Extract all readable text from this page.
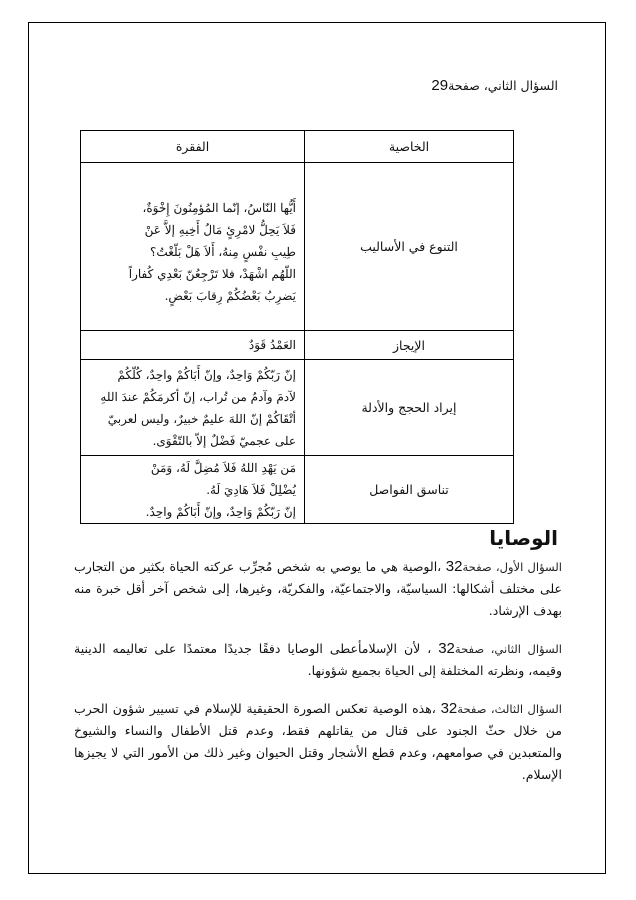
السؤال الثاني، صفحة29
الخاصية	الفقرة
التنوع في الأساليب	أَيُّها النّاسُ، إنّما المُؤمِنُونَ إِخْوَةٌ،
فَلاَ يَحِلُّ لامْرِئٍ مَالُ أَخِيهِ إلاَّ عَنْ
طِيبِ نفْسٍ مِنهُ، أَلاَ هَلْ بَلّغْتُ؟
اللّهُم اشْهَدْ، فلا تَرْجِعُنّ بَعْدِي كُفاراً
يَضرِبُ بَعْضُكُمْ رِقابَ بَعْضٍ.

الإيجاز	العَمْدُ قَوَدٌ

إيراد الحجج والأدلة	إنّ رَبّكُمْ وَاحِدٌ، وإنّ أَبَاكُمْ واحِدٌ، كُلّكُمْ
لآدمَ وآدمُ من تُراب، إنّ أكرمَكُمْ عندَ اللهِ
أتْقَاكُمْ إنّ اللهَ عليمٌ خبيرٌ، وليس لعربيّ
على عجميّ فَضْلٌ إلاّ بالتّقْوَى.

تناسق الفواصل	مَن يَهْدِ اللهُ فَلاَ مُضِلَّ لَهُ، وَمَنْ
يُضْلِلْ فَلاَ هَادِيَ لَهُ.
إنّ رَبّكُمْ وَاحِدٌ، وإنّ أَبَاكُمْ واحِدٌ.
الوصايا

السؤال الأول، صفحة32 ،الوصية هي ما يوصي به شخص مُجرِّب عركته الحياة بكثير من التجارب على مختلف أشكالها: السياسيّة، والاجتماعيّة، والفكريّة، وغيرها، إلى شخص آخر أقل خبرة منه بهدف الإرشاد.

السؤال الثاني، صفحة32 ، لأن الإسلامأعطى الوصايا دفقًا جديدًا معتمدًا على تعاليمه الدينية وقيمه، ونظرته المختلفة إلى الحياة بجميع شؤونها.

السؤال الثالث، صفحة32 ،هذه الوصية تعكس الصورة الحقيقية للإسلام في تسيير شؤون الحرب من خلال حثّ الجنود على قتال من يقاتلهم فقط، وعدم قتل الأطفال والنساء والشيوخ والمتعبدين في صوامعهم، وعدم قطع الأشجار وقتل الحيوان وغير ذلك من الأمور التي لا يجيزها الإسلام.
